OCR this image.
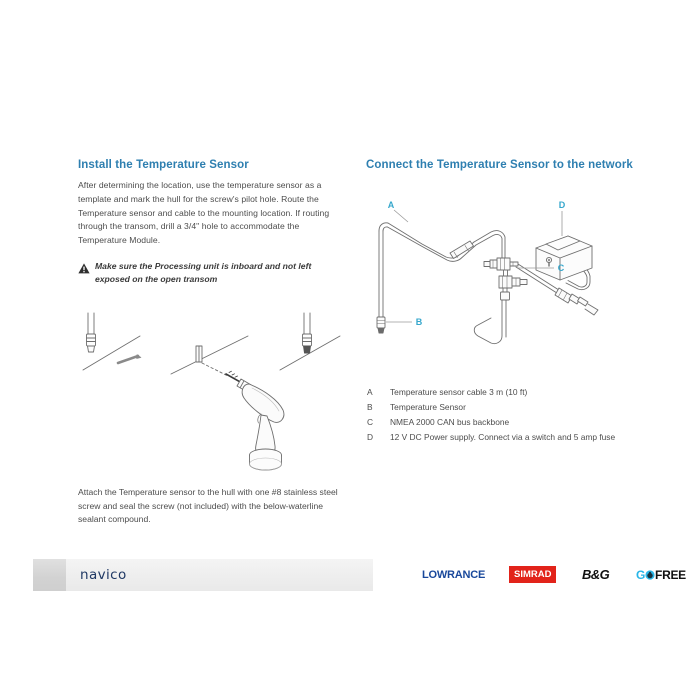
Install the Temperature Sensor

After determining the location, use the temperature sensor as a template and mark the hull for the screw's pilot hole. Route the Temperature sensor and cable to the mounting location. If routing through the transom, drill a 3/4" hole to accommodate the Temperature Module.

Make sure the Processing unit is inboard and not left exposed on the open transom
Attach the Temperature sensor to the hull with one #8 stainless steel screw and seal the screw (not included) with the below-waterline sealant compound.
Connect the Temperature Sensor to the network
A
B
C
D
A	Temperature sensor cable 3 m (10 ft)
B	Temperature Sensor
C	NMEA 2000 CAN bus backbone
D	12 V DC Power supply. Connect via a switch and 5 amp fuse
navico	LOWRANCE	SIMRAD	B&G G FREE
